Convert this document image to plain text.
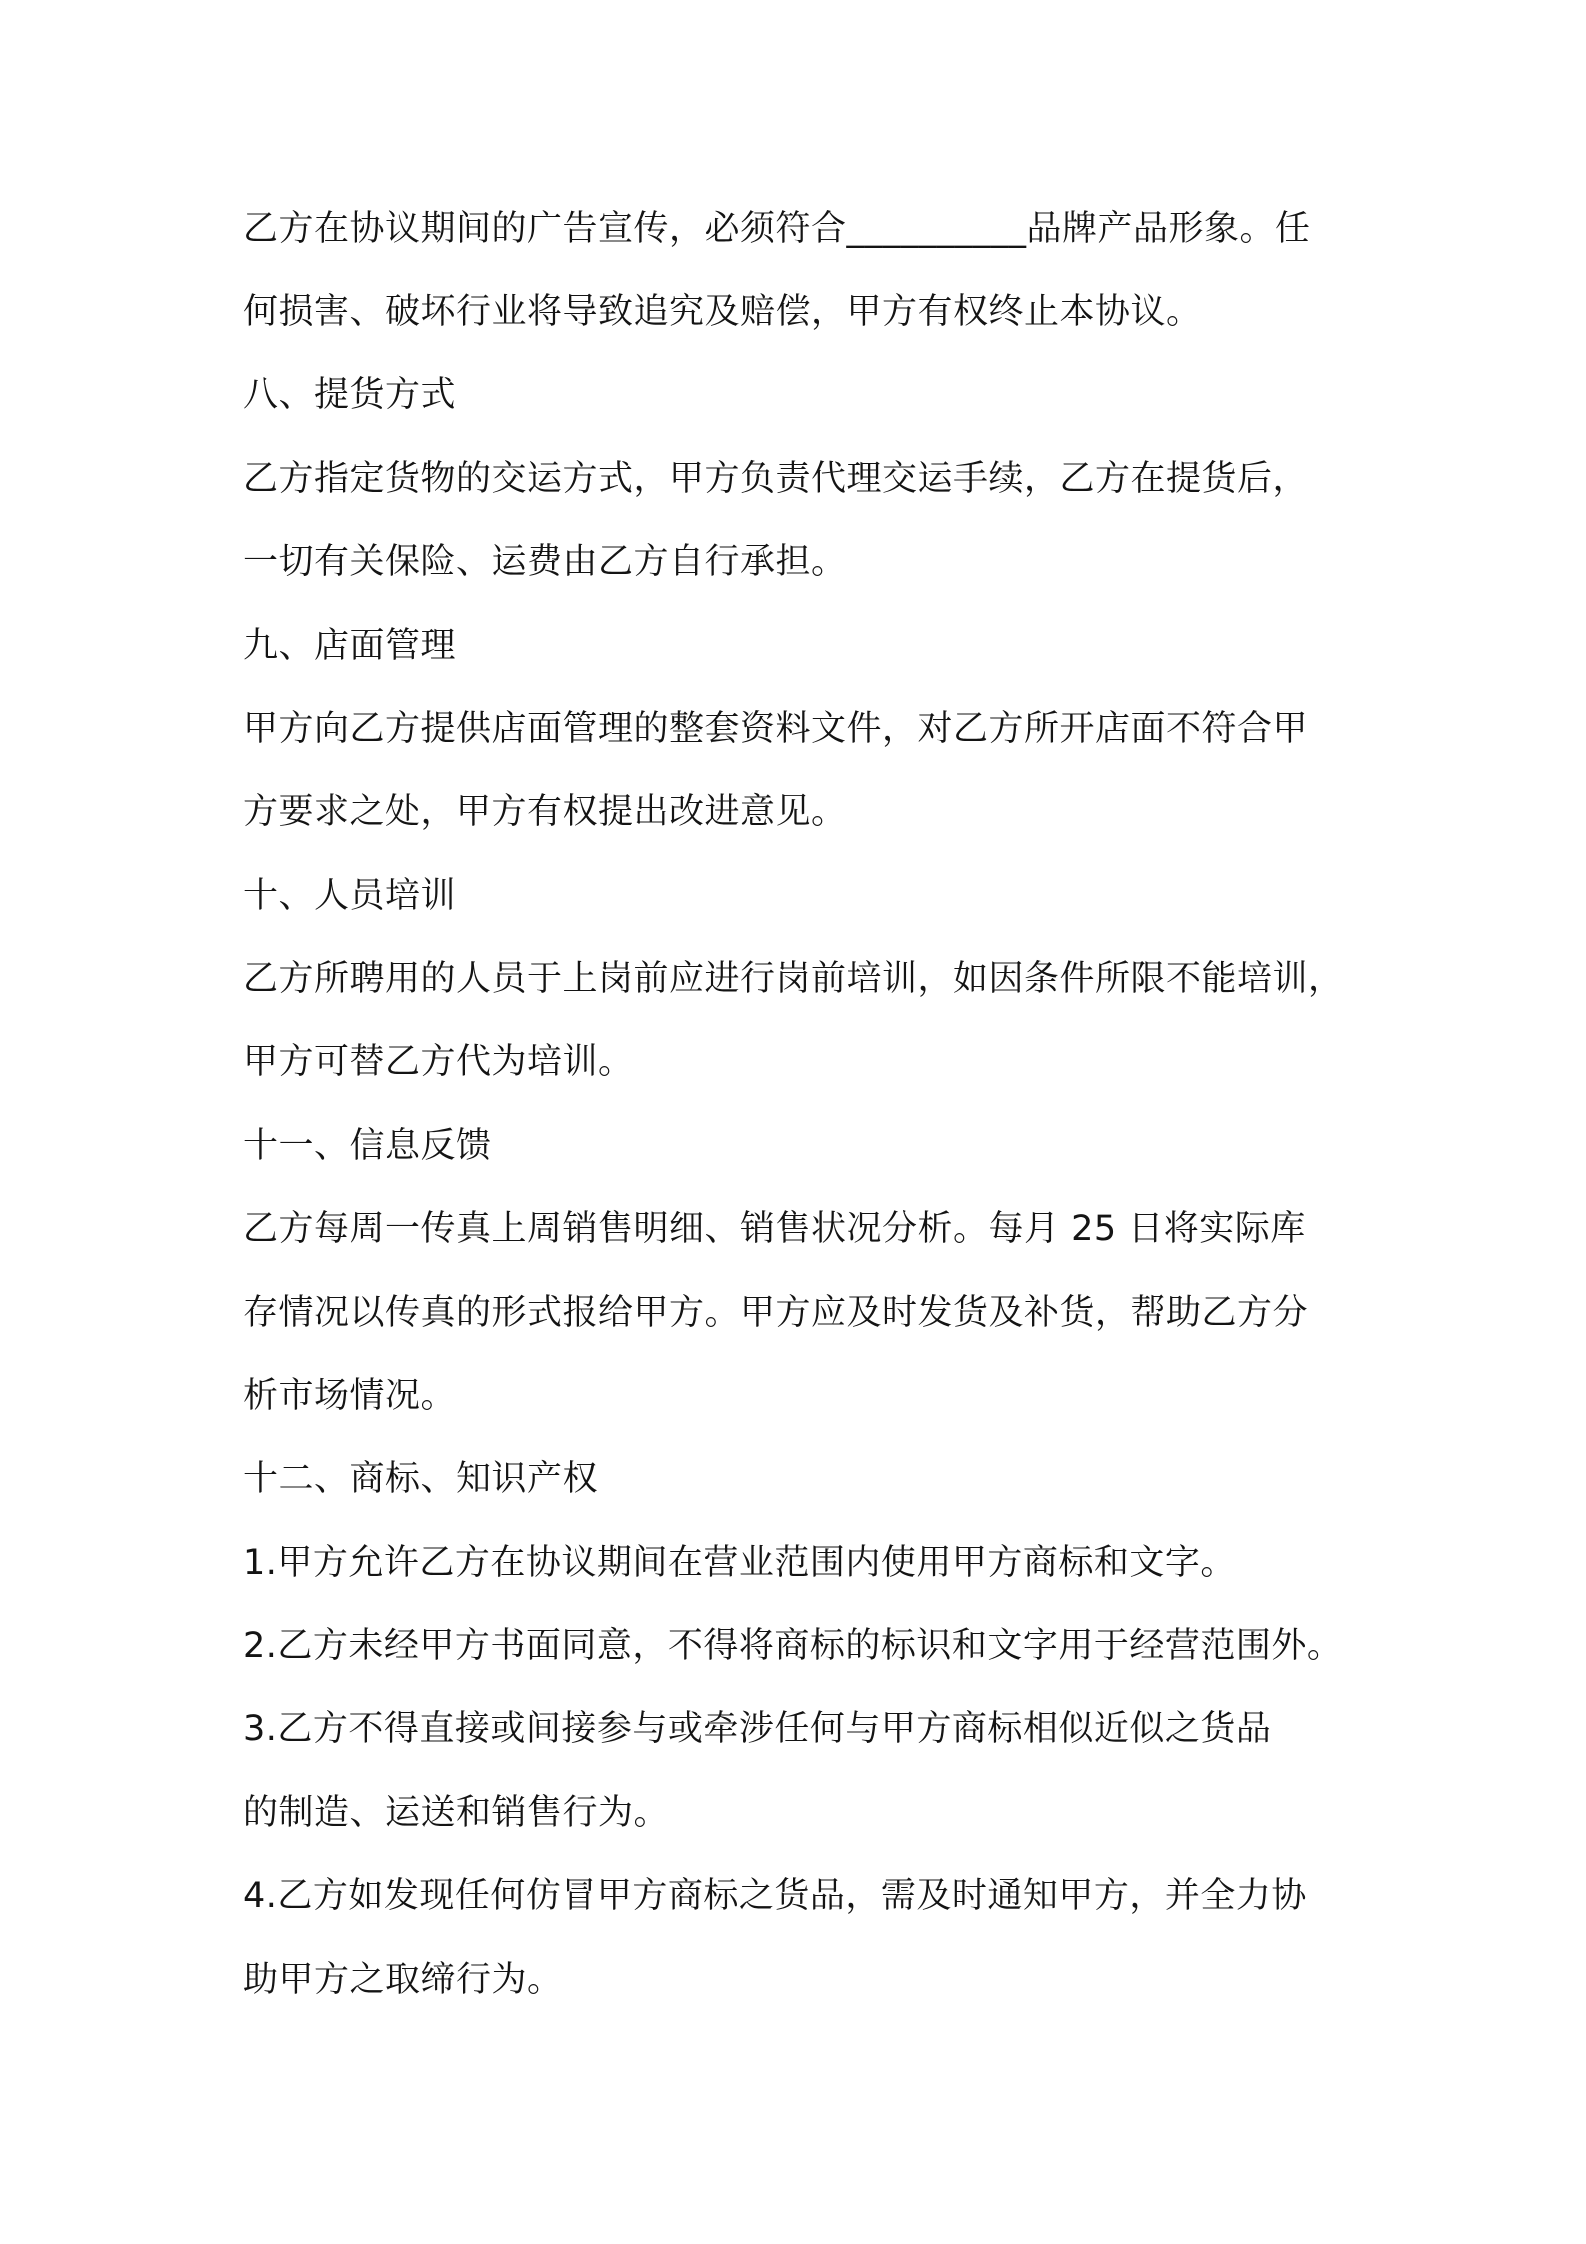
乙方在协议期间的广告宣传，必须符合__________品牌产品形象。任
何损害、破坏行业将导致追究及赔偿，甲方有权终止本协议。
八、提货方式
乙方指定货物的交运方式，甲方负责代理交运手续，乙方在提货后，
一切有关保险、运费由乙方自行承担。
九、店面管理
甲方向乙方提供店面管理的整套资料文件，对乙方所开店面不符合甲
方要求之处，甲方有权提出改进意见。
十、人员培训
乙方所聘用的人员于上岗前应进行岗前培训，如因条件所限不能培训，
甲方可替乙方代为培训。
十一、信息反馈
乙方每周一传真上周销售明细、销售状况分析。每月 25 日将实际库
存情况以传真的形式报给甲方。甲方应及时发货及补货，帮助乙方分
析市场情况。
十二、商标、知识产权
1.甲方允许乙方在协议期间在营业范围内使用甲方商标和文字。
2.乙方未经甲方书面同意，不得将商标的标识和文字用于经营范围外。
3.乙方不得直接或间接参与或牵涉任何与甲方商标相似近似之货品
的制造、运送和销售行为。
4.乙方如发现任何仿冒甲方商标之货品，需及时通知甲方，并全力协
助甲方之取缔行为。
